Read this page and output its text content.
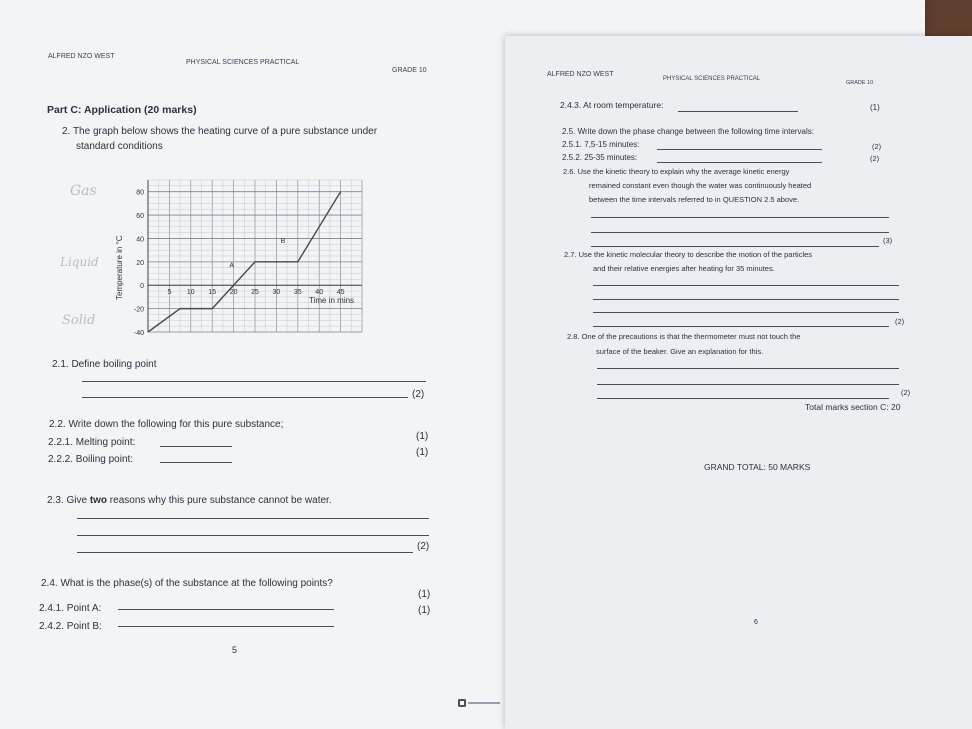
ALFRED NZO WEST
PHYSICAL SCIENCES PRACTICAL
GRADE 10
Part C: Application (20 marks)
2. The graph below shows the heating curve of a pure substance under
standard conditions
Gas
Liquid
Solid
80
60
40
20
0
-20
-40
5 10 15 20 25 30 35 40 45
Temperature in °C
Time in mins
A
B
2.1. Define boiling point
(2)
2.2. Write down the following for this pure substance;
2.2.1. Melting point:
(1)
2.2.2. Boiling point:
(1)
2.3. Give two reasons why this pure substance cannot be water.
(2)
2.4. What is the phase(s) of the substance at the following points?
2.4.1. Point A:
(1)
2.4.2. Point B:
(1)
5
ALFRED NZO WEST
PHYSICAL SCIENCES PRACTICAL
GRADE 10
2.4.3. At room temperature:	(1)
2.5. Write down the phase change between the following time intervals:
2.5.1. 7,5-15 minutes:	(2)
2.5.2. 25-35 minutes:	(2)
2.6. Use the kinetic theory to explain why the average kinetic energy
remained constant even though the water was continuously heated
between the time intervals referred to in QUESTION 2.5 above.
(3)
2.7. Use the kinetic molecular theory to describe the motion of the particles
and their relative energies after heating for 35 minutes.
(2)
2.8. One of the precautions is that the thermometer must not touch the
surface of the beaker. Give an explanation for this.
(2)
Total marks section C: 20
GRAND TOTAL: 50 MARKS
6
